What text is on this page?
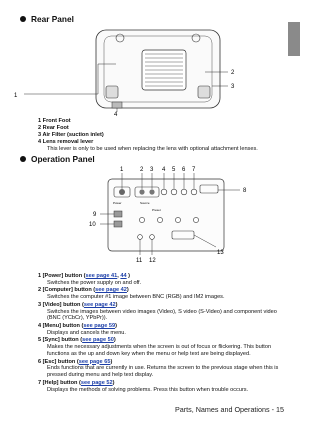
Rear Panel
1
2
3
4
1 Front Foot
2 Rear Foot
3 Air Filter (suction inlet)
4 Lens removal lever
This lever is only to be used when replacing the lens with optional attachment lenses.
Operation Panel
Power	Source
Preset
1	2 3 4 5 6 7
8
9
10
11 12
13
1 [Power] button (see page 41, 44 )
Switches the power supply on and off.
2 [Computer] button (see page 42)
Switches the computer #1 image between BNC (RGB) and IM2 images.
3 [Video] button (see page 42)
Switches the images between video images (Video), S video (S-Video) and component video (BNC (YCbCr), YPbPr)).
4 [Menu] button (see page 59)
Displays and cancels the menu.
5 [Sync] button (see page 50)
Makes the necessary adjustments when the screen is out of focus or flickering. This button functions as the up and down key when the menu or help text are being displayed.
6 [Esc] button (see page 65)
Ends functions that are currently in use. Returns the screen to the previous stage when this is pressed during menu and help text display.
7 [Help] button (see page 52)
Displays the methods of solving problems. Press this button when trouble occurs.
Parts, Names and Operations - 15
